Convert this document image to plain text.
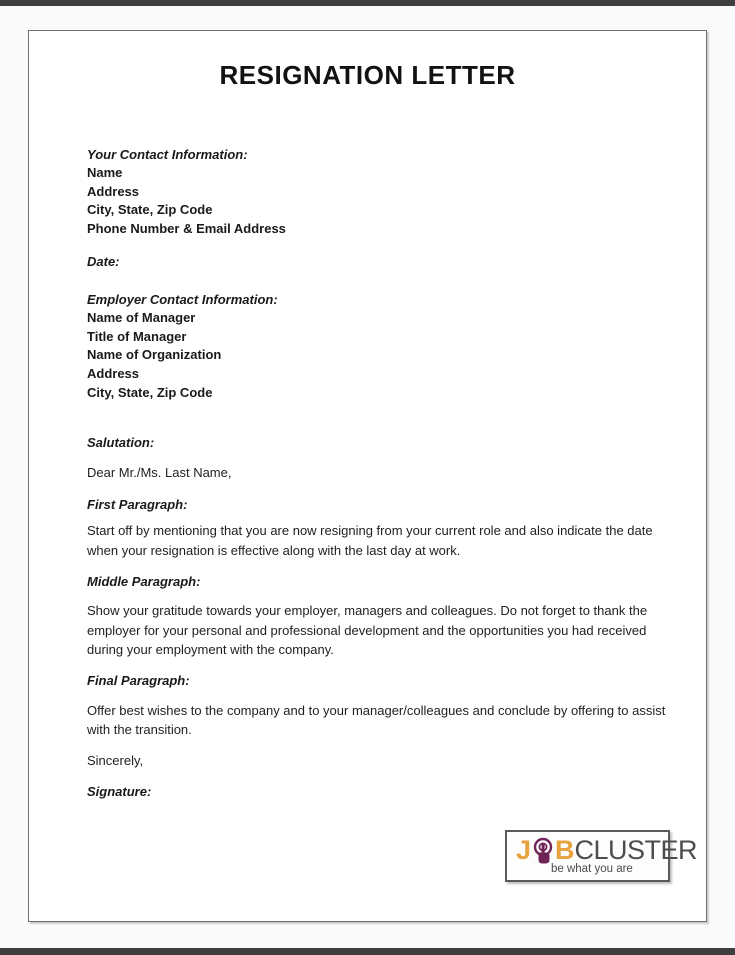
RESIGNATION LETTER
Your Contact Information:
Name
Address
City, State, Zip Code
Phone Number & Email Address
Date:
Employer Contact Information:
Name of Manager
Title of Manager
Name of Organization
Address
City, State, Zip Code
Salutation:
Dear Mr./Ms. Last Name,
First Paragraph:
Start off by mentioning that you are now resigning from your current role and also indicate the date
when your resignation is effective along with the last day at work.
Middle Paragraph:
Show your gratitude towards your employer, managers and colleagues. Do not forget to thank the
employer for your personal and professional development and the opportunities you had received
during your employment with the company.
Final Paragraph:
Offer best wishes to the company and to your manager/colleagues and conclude by offering to assist
with the transition.
Sincerely,
Signature:
J B CLUSTER
be what you are
